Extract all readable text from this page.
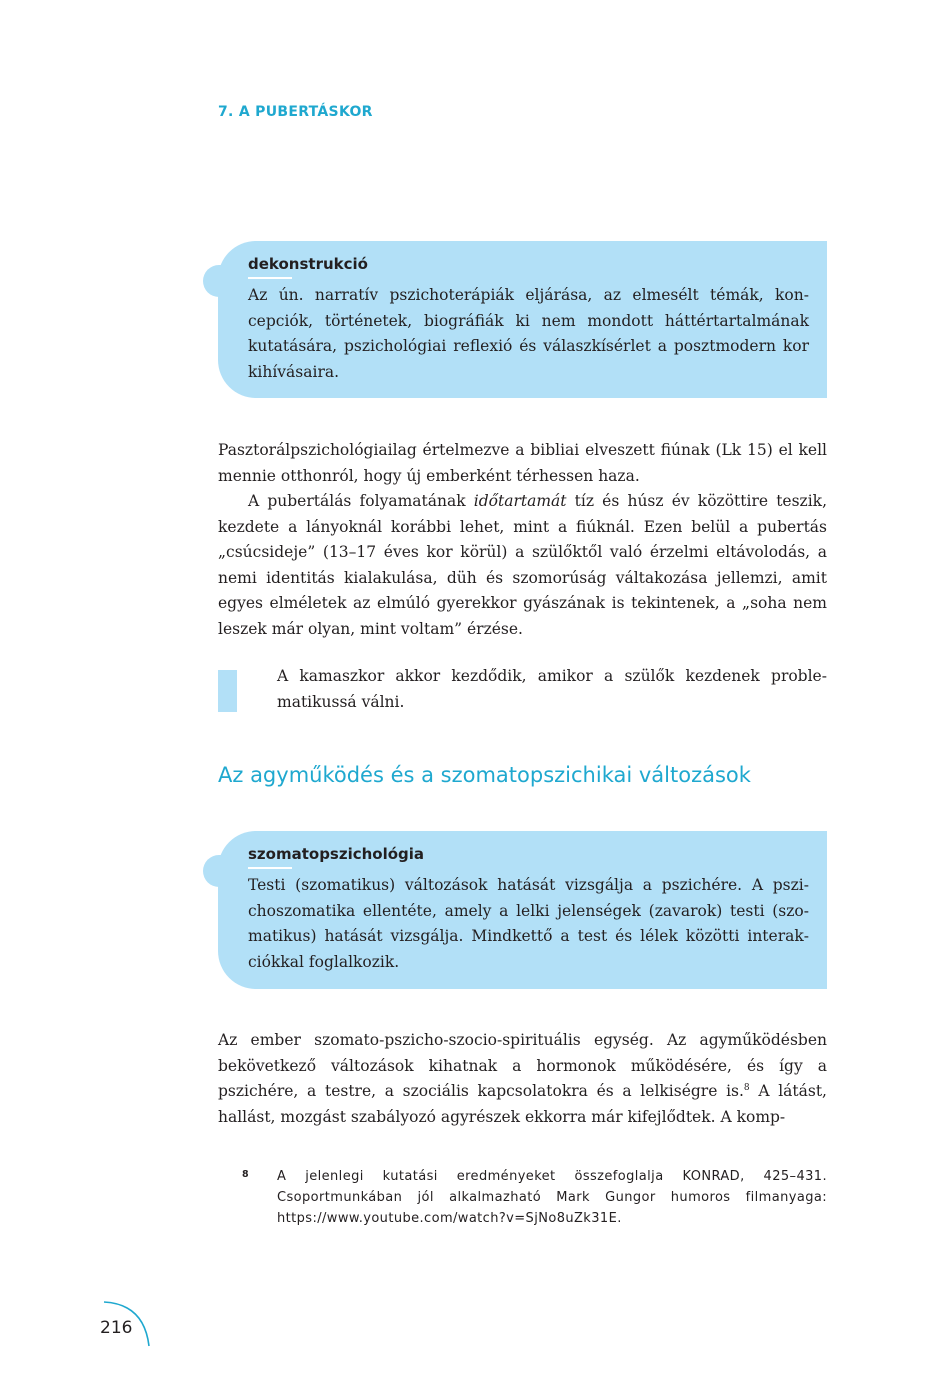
7. A PUBERTÁSKOR

dekonstrukció

Az ún. narratív pszichoterápiák eljárása, az elmesélt témák, koncepciók, történetek, biográfiák ki nem mondott háttértartalmának kutatására, pszichológiai reflexió és válaszkísérlet a posztmodern kor kihívásaira.

Pasztorálpszichológiailag értelmezve a bibliai elveszett fiúnak (Lk 15) el kell mennie otthonról, hogy új emberként térhessen haza.

A pubertálás folyamatának időtartamát tíz és húsz év közöttire teszik, kezdete a lányoknál korábbi lehet, mint a fiúknál. Ezen belül a pubertás „csúcsideje” (13–17 éves kor körül) a szülőktől való érzelmi eltávolodás, a nemi identitás kialakulása, düh és szomorúság váltakozása jellemzi, amit egyes elméletek az elmúló gyerekkor gyászának is tekintenek, a „soha nem leszek már olyan, mint voltam” érzése.

A kamaszkor akkor kezdődik, amikor a szülők kezdenek problematikussá válni.

Az agyműködés és a szomatopszichikai változások
szomatopszichológia

Testi (szomatikus) változások hatását vizsgálja a pszichére. A pszichoszomatika ellentéte, amely a lelki jelenségek (zavarok) testi (szomatikus) hatását vizsgálja. Mindkettő a test és lélek közötti interakciókkal foglalkozik.

Az ember szomato-pszicho-szocio-spirituális egység. Az agyműködésben bekövetkező változások kihatnak a hormonok működésére, és így a pszichére, a testre, a szociális kapcsolatokra és a lelkiségre is.$^8$ A látást, hallást, mozgást szabályozó agyrészek ekkorra már kifejlődtek. A komp-

8 A jelenlegi kutatási eredményeket összefoglalja KONRAD, 425–431. Csoportmunkában jól alkalmazható Mark Gungor humoros filmanyaga: https://www.youtube.com/watch?v=SjNo8uZk31E.

216
